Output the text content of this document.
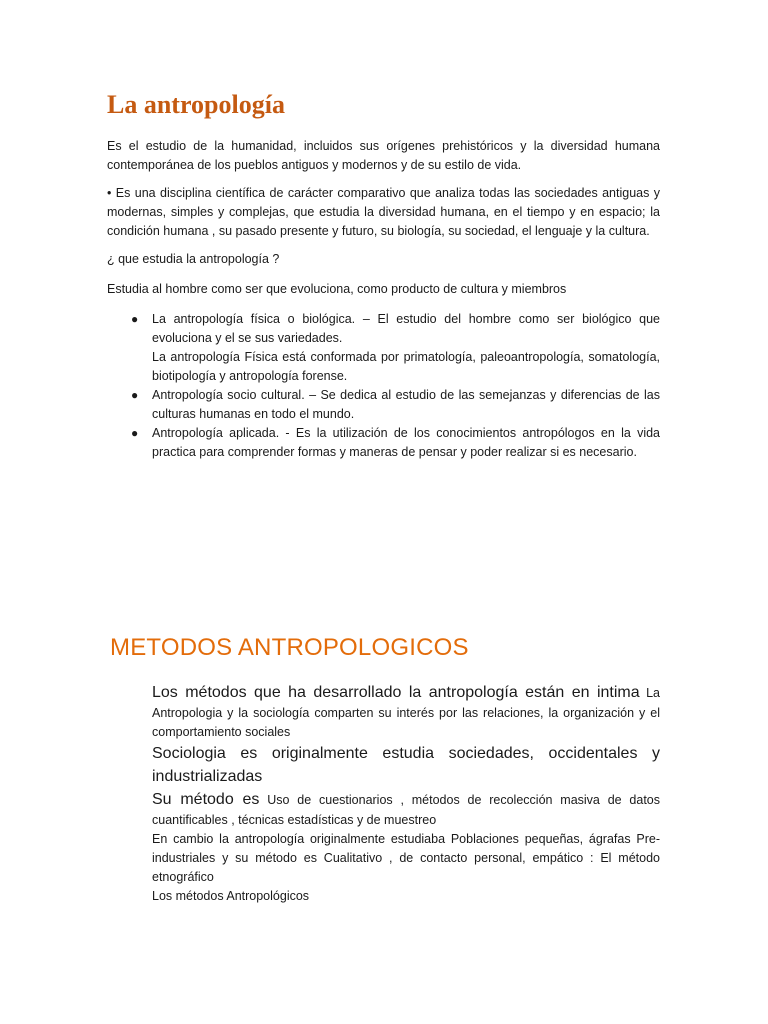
La antropología

Es el estudio de la humanidad, incluidos sus orígenes prehistóricos y la diversidad humana contemporánea de los pueblos antiguos y modernos y de su estilo de vida.

• Es una disciplina científica de carácter comparativo que analiza todas las sociedades antiguas y modernas, simples y complejas, que estudia la diversidad humana, en el tiempo y en espacio; la condición humana , su pasado presente y futuro, su biología, su sociedad, el lenguaje y la cultura.

¿ que estudia la antropología ?

Estudia al hombre como ser que evoluciona, como producto de cultura y miembros

● La antropología física o biológica. – El estudio del hombre como ser biológico que evoluciona y el se sus variedades.
La antropología Física está conformada por primatología, paleoantropología, somatología, biotipología y antropología forense.
● Antropología socio cultural. – Se dedica al estudio de las semejanzas y diferencias de las culturas humanas en todo el mundo.
● Antropología aplicada. - Es la utilización de los conocimientos antropólogos en la vida practica para comprender formas y maneras de pensar y poder realizar si es necesario.
METODOS ANTROPOLOGICOS

Los métodos que ha desarrollado la antropología están en intima La Antropologia y la sociología comparten su interés por las relaciones, la organización y el comportamiento sociales

Sociologia es originalmente estudia sociedades, occidentales y industrializadas

Su método es Uso de cuestionarios , métodos de recolección masiva de datos cuantificables , técnicas estadísticas y de muestreo

En cambio la antropología originalmente estudiaba Poblaciones pequeñas, ágrafas Pre-industriales y su método es Cualitativo , de contacto personal, empático : El método etnográfico

Los métodos Antropológicos
